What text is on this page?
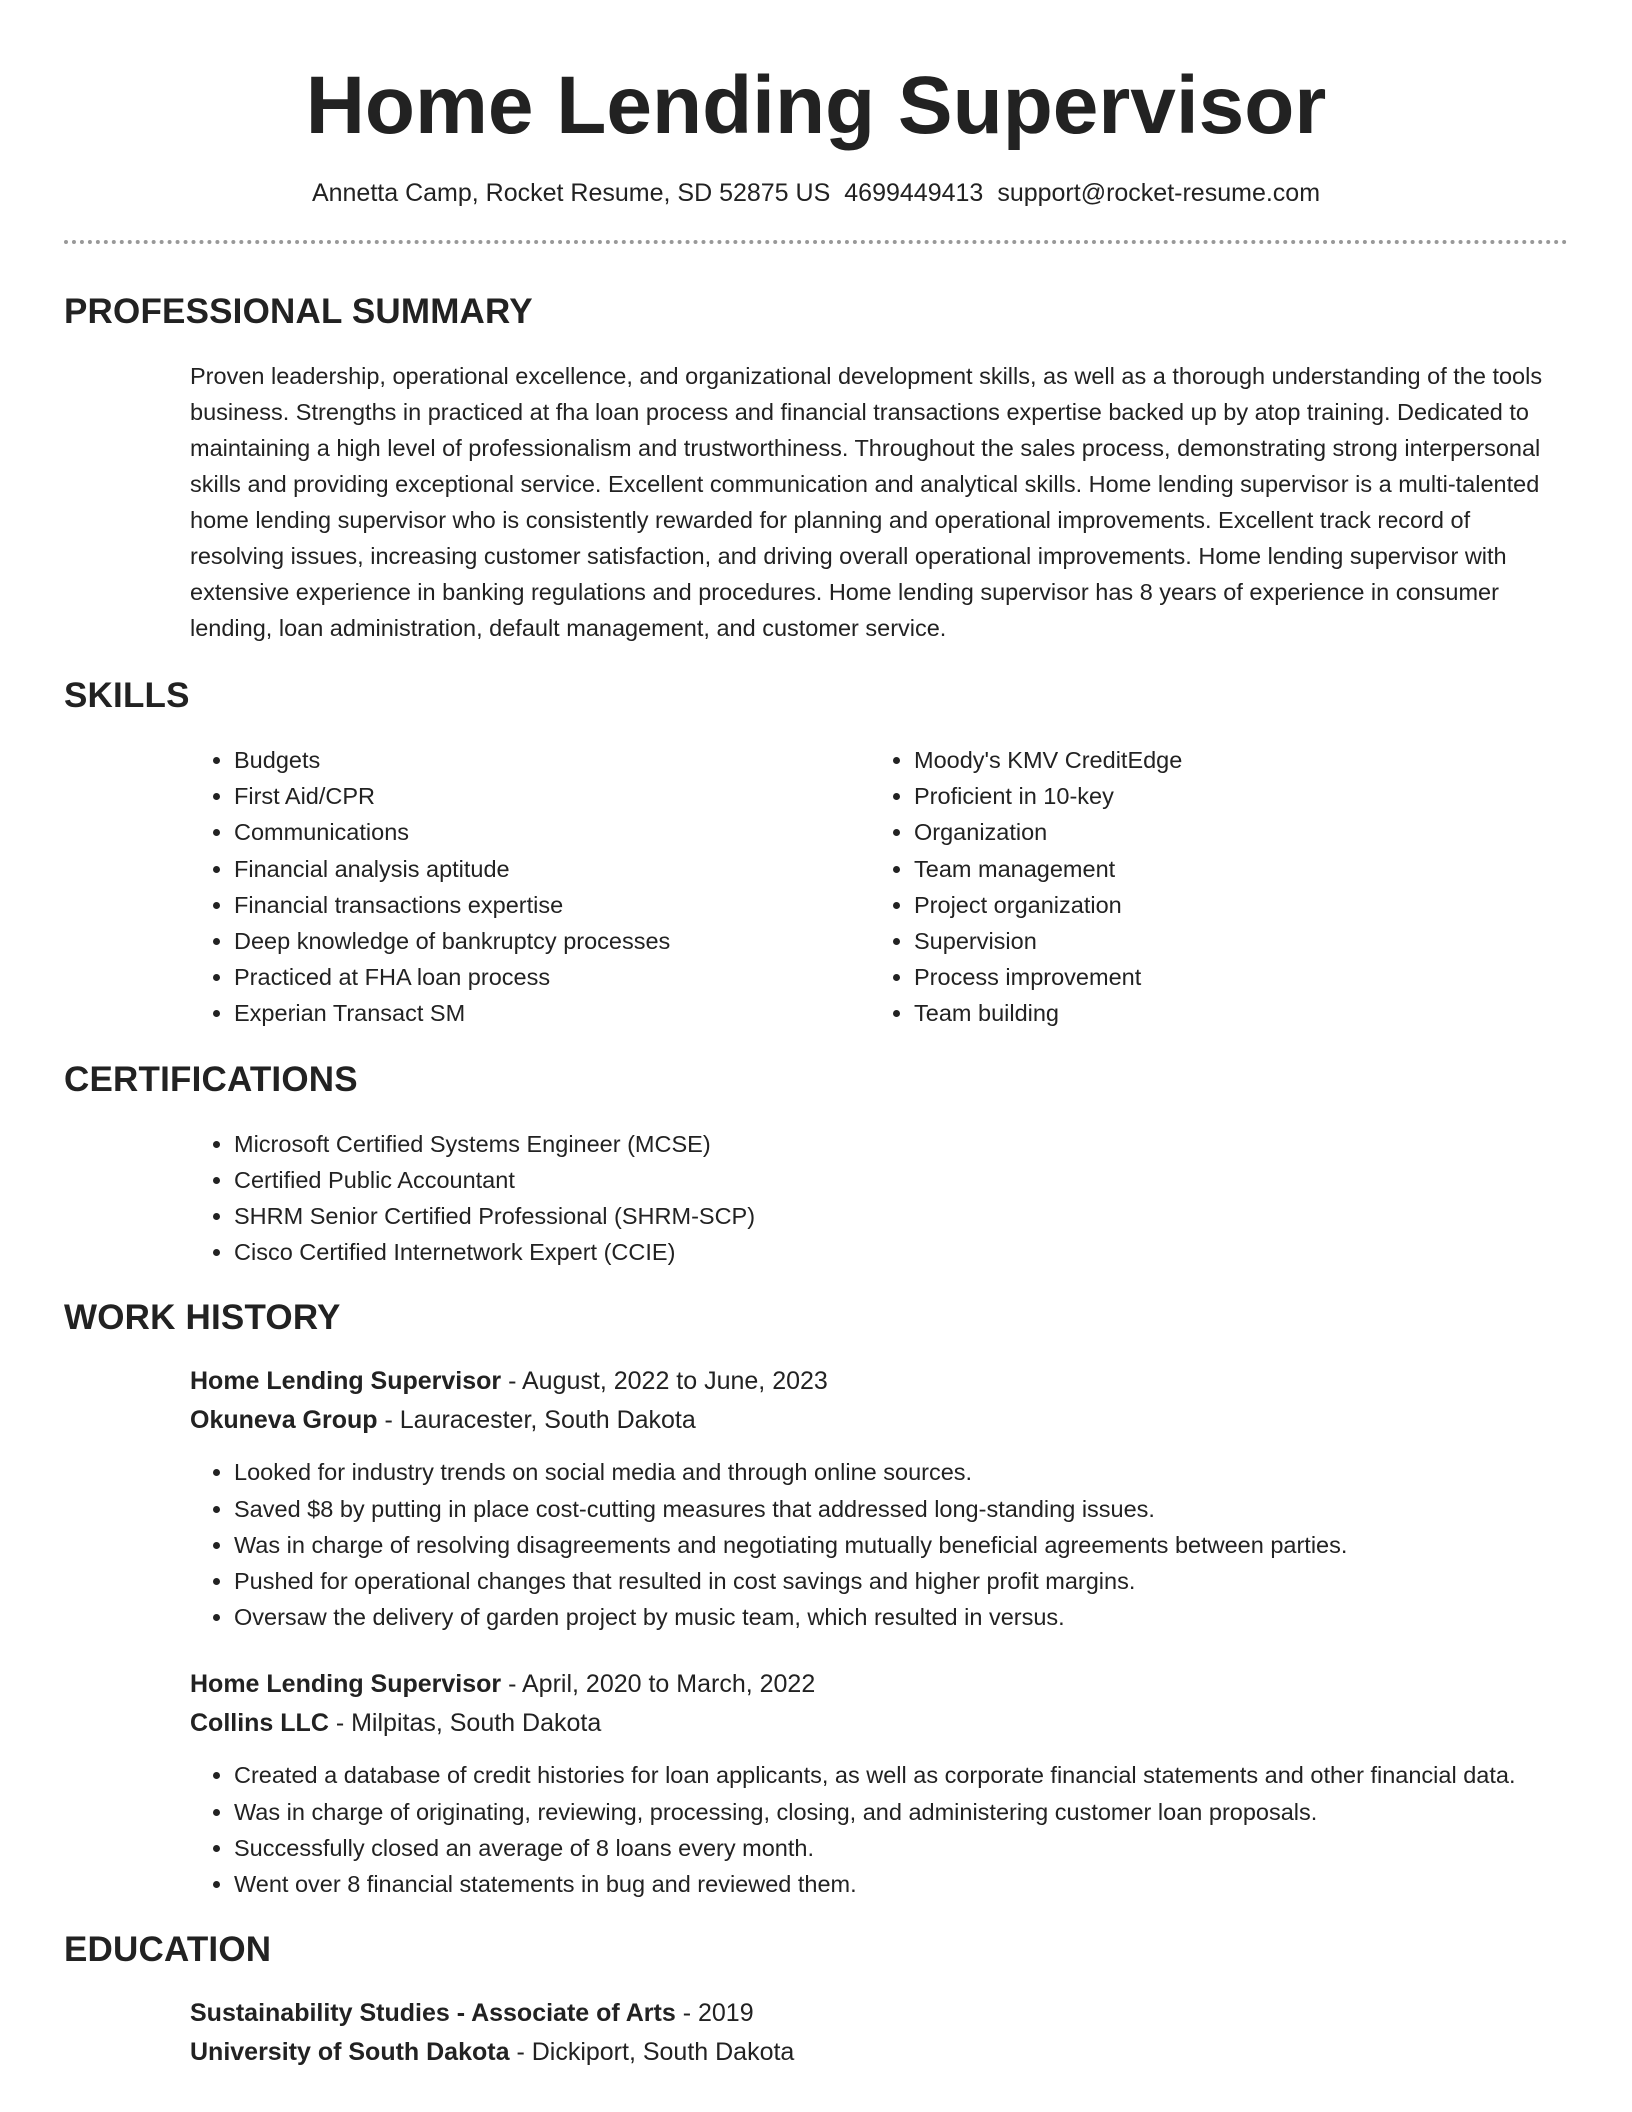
Home Lending Supervisor
Annetta Camp, Rocket Resume, SD 52875 US 4699449413 support@rocket-resume.com
PROFESSIONAL SUMMARY
Proven leadership, operational excellence, and organizational development skills, as well as a thorough understanding of the tools business. Strengths in practiced at fha loan process and financial transactions expertise backed up by atop training. Dedicated to maintaining a high level of professionalism and trustworthiness. Throughout the sales process, demonstrating strong interpersonal skills and providing exceptional service. Excellent communication and analytical skills. Home lending supervisor is a multi-talented home lending supervisor who is consistently rewarded for planning and operational improvements. Excellent track record of resolving issues, increasing customer satisfaction, and driving overall operational improvements. Home lending supervisor with extensive experience in banking regulations and procedures. Home lending supervisor has 8 years of experience in consumer lending, loan administration, default management, and customer service.
SKILLS
• Budgets
• First Aid/CPR
• Communications
• Financial analysis aptitude
• Financial transactions expertise
• Deep knowledge of bankruptcy processes
• Practiced at FHA loan process
• Experian Transact SM
• Moody's KMV CreditEdge
• Proficient in 10-key
• Organization
• Team management
• Project organization
• Supervision
• Process improvement
• Team building
CERTIFICATIONS
• Microsoft Certified Systems Engineer (MCSE)
• Certified Public Accountant
• SHRM Senior Certified Professional (SHRM-SCP)
• Cisco Certified Internetwork Expert (CCIE)
WORK HISTORY
Home Lending Supervisor - August, 2022 to June, 2023
Okuneva Group - Lauracester, South Dakota
• Looked for industry trends on social media and through online sources.
• Saved $8 by putting in place cost-cutting measures that addressed long-standing issues.
• Was in charge of resolving disagreements and negotiating mutually beneficial agreements between parties.
• Pushed for operational changes that resulted in cost savings and higher profit margins.
• Oversaw the delivery of garden project by music team, which resulted in versus.
Home Lending Supervisor - April, 2020 to March, 2022
Collins LLC - Milpitas, South Dakota
• Created a database of credit histories for loan applicants, as well as corporate financial statements and other financial data.
• Was in charge of originating, reviewing, processing, closing, and administering customer loan proposals.
• Successfully closed an average of 8 loans every month.
• Went over 8 financial statements in bug and reviewed them.
EDUCATION
Sustainability Studies - Associate of Arts - 2019
University of South Dakota - Dickiport, South Dakota
